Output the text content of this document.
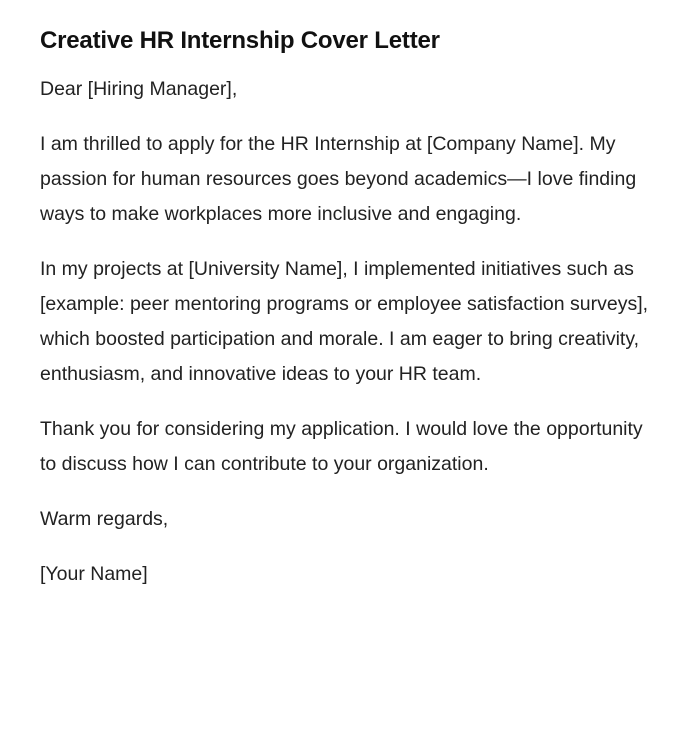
Creative HR Internship Cover Letter

Dear [Hiring Manager],

I am thrilled to apply for the HR Internship at [Company Name]. My passion for human resources goes beyond academics—I love finding ways to make workplaces more inclusive and engaging.

In my projects at [University Name], I implemented initiatives such as [example: peer mentoring programs or employee satisfaction surveys], which boosted participation and morale. I am eager to bring creativity, enthusiasm, and innovative ideas to your HR team.

Thank you for considering my application. I would love the opportunity to discuss how I can contribute to your organization.

Warm regards,

[Your Name]
